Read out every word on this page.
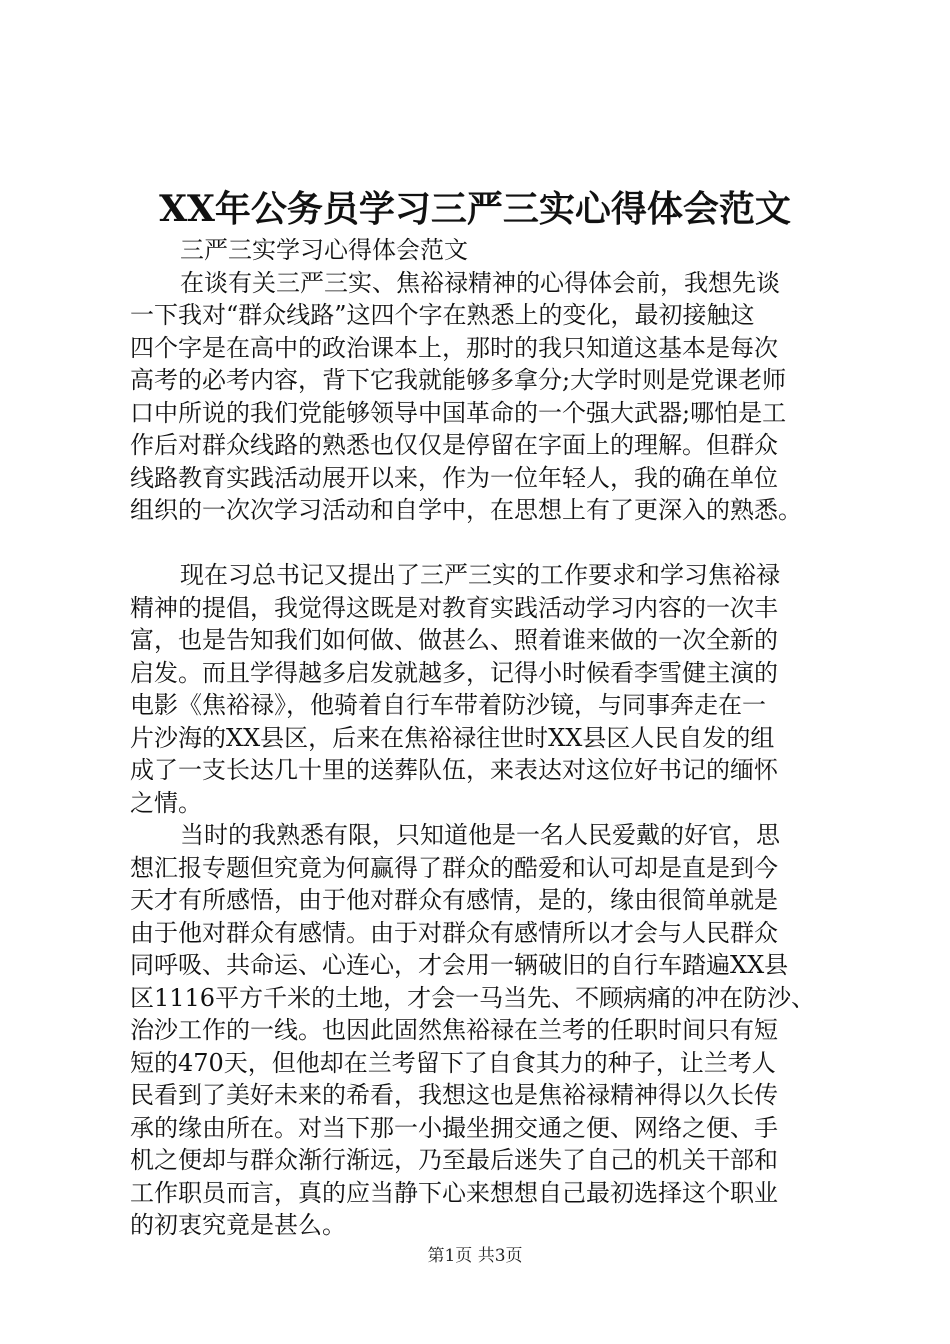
XX年公务员学习三严三实心得体会范文
三严三实学习心得体会范文
在谈有关三严三实、焦裕禄精神的心得体会前，我想先谈
一下我对“群众线路”这四个字在熟悉上的变化，最初接触这
四个字是在高中的政治课本上，那时的我只知道这基本是每次
高考的必考内容，背下它我就能够多拿分;大学时则是党课老师
口中所说的我们党能够领导中国革命的一个强大武器;哪怕是工
作后对群众线路的熟悉也仅仅是停留在字面上的理解。但群众
线路教育实践活动展开以来，作为一位年轻人，我的确在单位
组织的一次次学习活动和自学中，在思想上有了更深入的熟悉。
现在习总书记又提出了三严三实的工作要求和学习焦裕禄
精神的提倡，我觉得这既是对教育实践活动学习内容的一次丰
富，也是告知我们如何做、做甚么、照着谁来做的一次全新的
启发。而且学得越多启发就越多，记得小时候看李雪健主演的
电影《焦裕禄》，他骑着自行车带着防沙镜，与同事奔走在一
片沙海的XX县区，后来在焦裕禄往世时XX县区人民自发的组
成了一支长达几十里的送葬队伍，来表达对这位好书记的缅怀
之情。
当时的我熟悉有限，只知道他是一名人民爱戴的好官，思
想汇报专题但究竟为何赢得了群众的酷爱和认可却是直是到今
天才有所感悟，由于他对群众有感情，是的，缘由很简单就是
由于他对群众有感情。由于对群众有感情所以才会与人民群众
同呼吸、共命运、心连心，才会用一辆破旧的自行车踏遍XX县
区1116平方千米的土地，才会一马当先、不顾病痛的冲在防沙、
治沙工作的一线。也因此固然焦裕禄在兰考的任职时间只有短
短的470天，但他却在兰考留下了自食其力的种子，让兰考人
民看到了美好未来的希看，我想这也是焦裕禄精神得以久长传
承的缘由所在。对当下那一小撮坐拥交通之便、网络之便、手
机之便却与群众渐行渐远，乃至最后迷失了自己的机关干部和
工作职员而言，真的应当静下心来想想自己最初选择这个职业
的初衷究竟是甚么。
第1页 共3页
